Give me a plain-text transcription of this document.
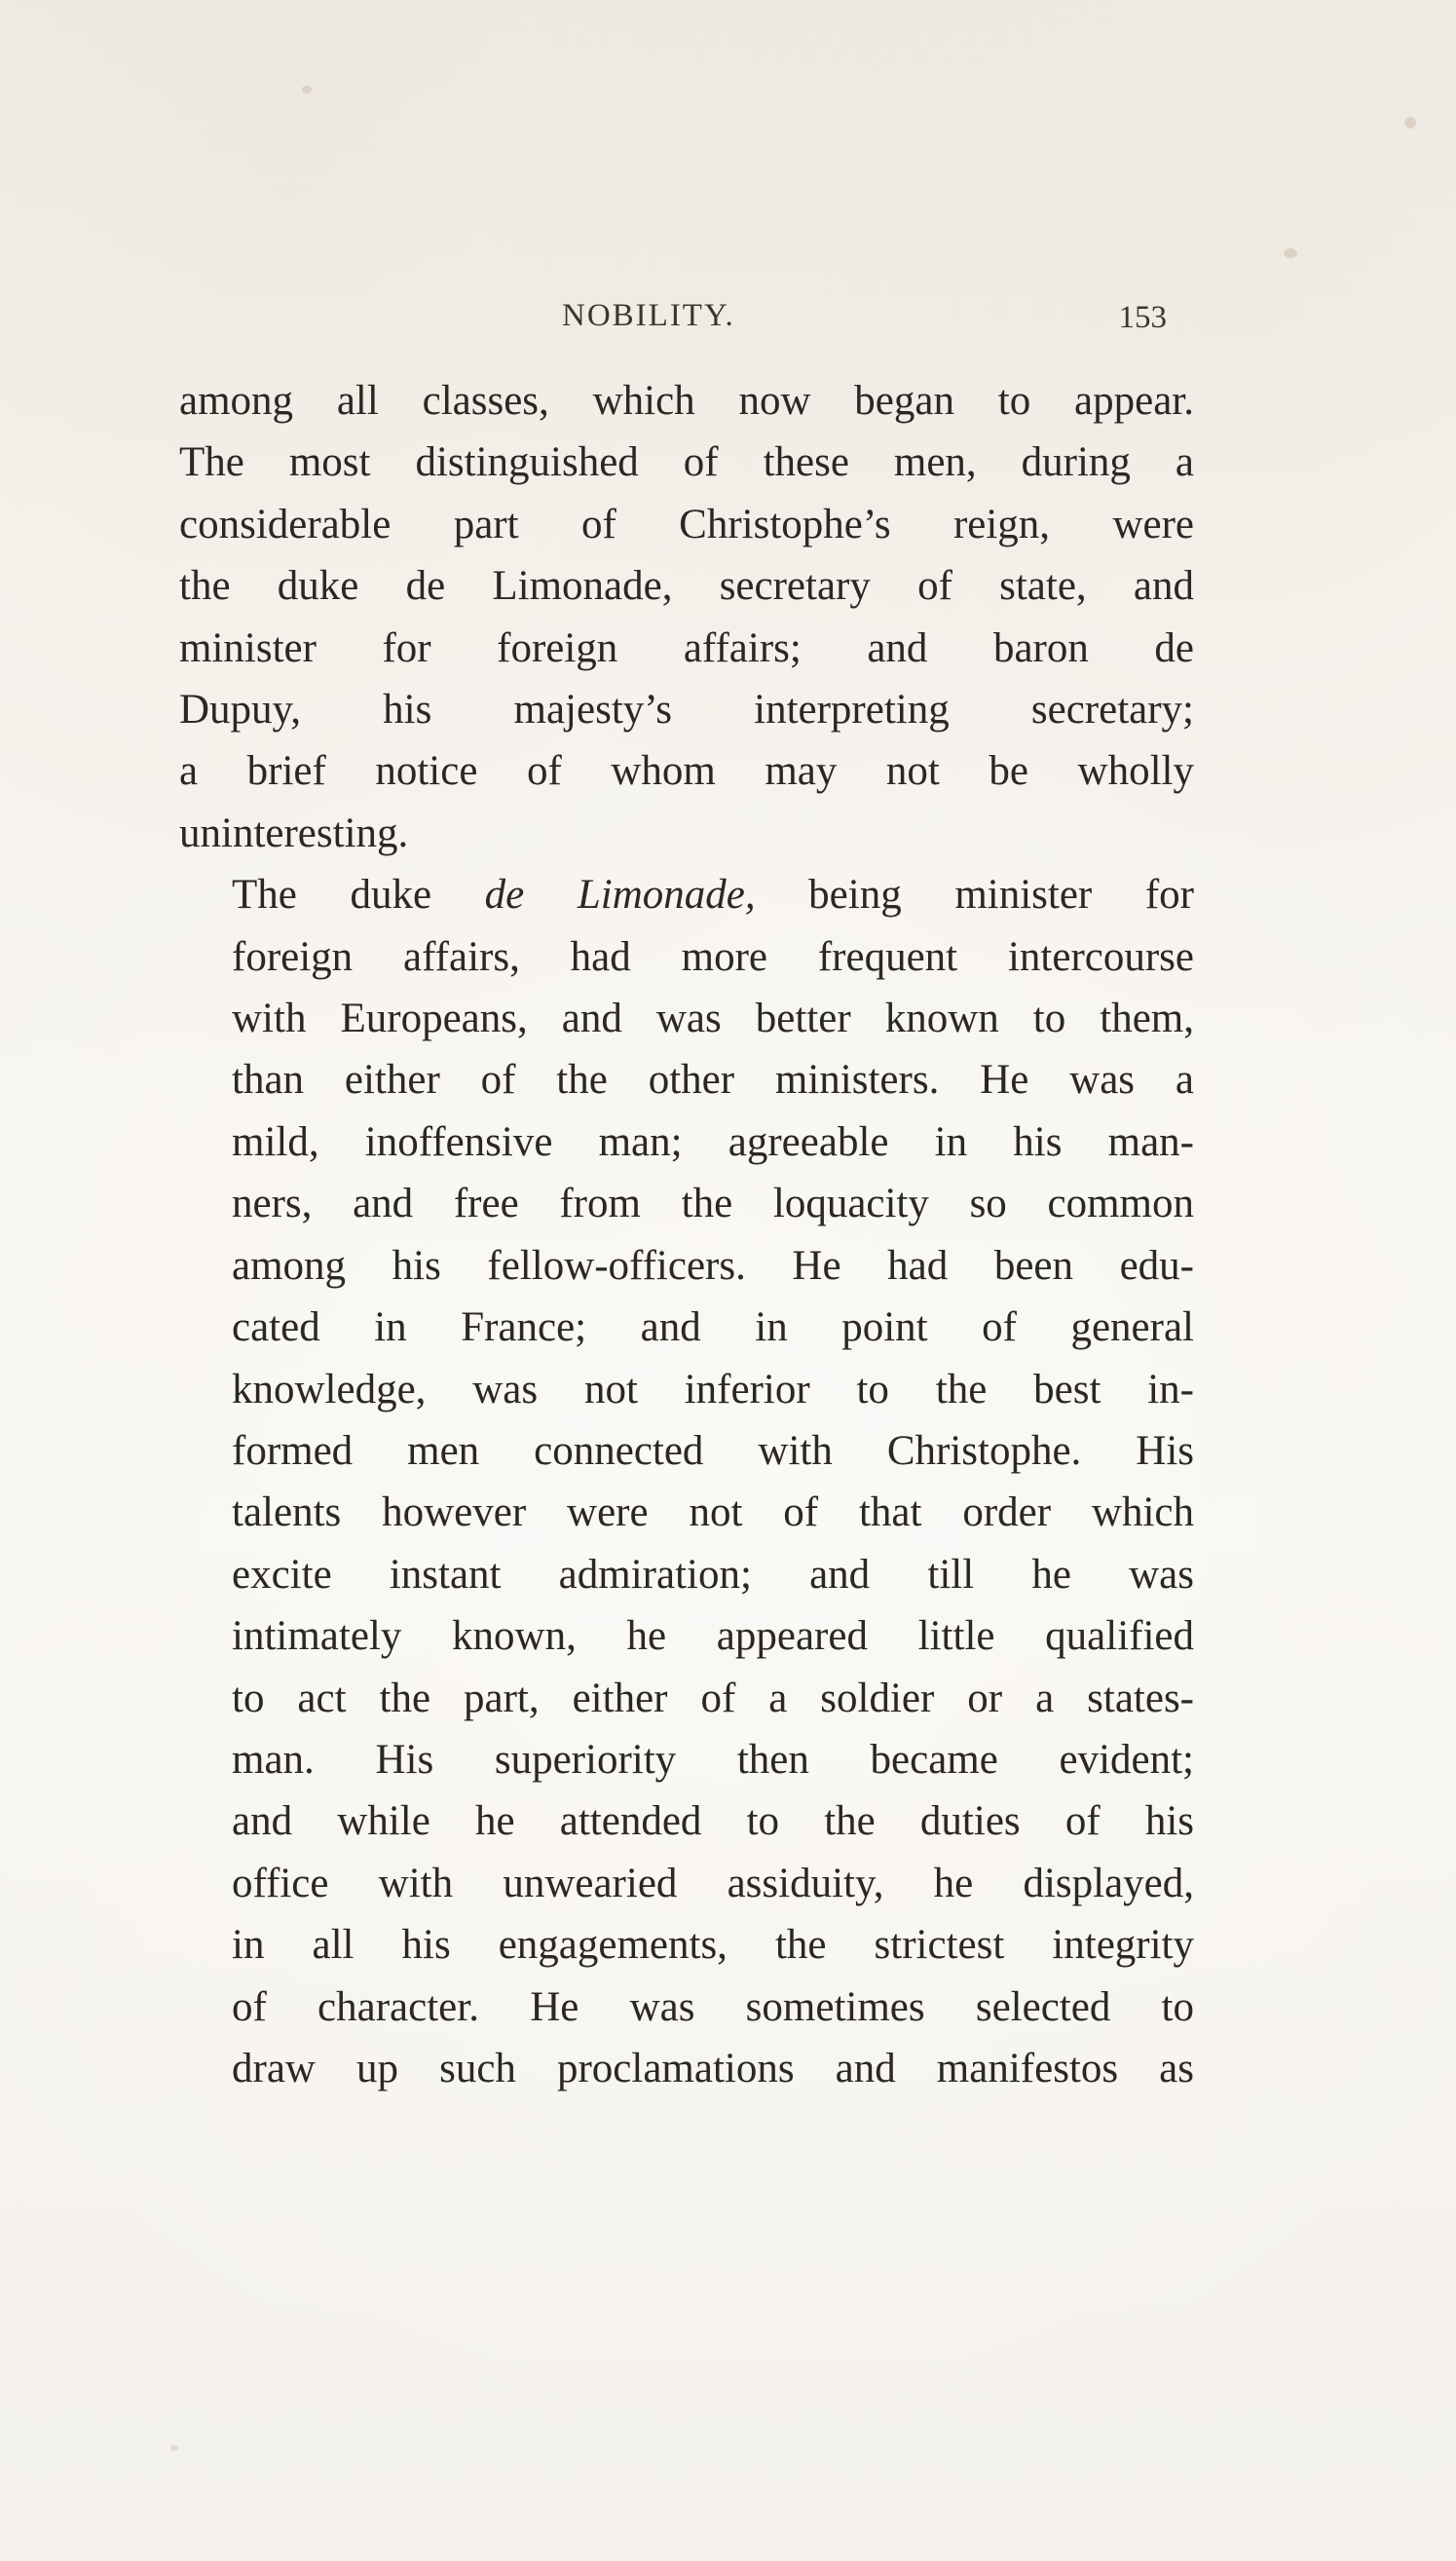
NOBILITY.	153
among all classes, which now began to appear.
The most distinguished of these men, during a
considerable part of Christophe’s reign, were
the duke de Limonade, secretary of state, and
minister for foreign affairs; and baron de
Dupuy, his majesty’s interpreting secretary;
a brief notice of whom may not be wholly
uninteresting.
The duke de Limonade, being minister for
foreign affairs, had more frequent intercourse
with Europeans, and was better known to them,
than either of the other ministers. He was a
mild, inoffensive man; agreeable in his man-
ners, and free from the loquacity so common
among his fellow-officers. He had been edu-
cated in France; and in point of general
knowledge, was not inferior to the best in-
formed men connected with Christophe. His
talents however were not of that order which
excite instant admiration; and till he was
intimately known, he appeared little qualified
to act the part, either of a soldier or a states-
man. His superiority then became evident;
and while he attended to the duties of his
office with unwearied assiduity, he displayed,
in all his engagements, the strictest integrity
of character. He was sometimes selected to
draw up such proclamations and manifestos as
